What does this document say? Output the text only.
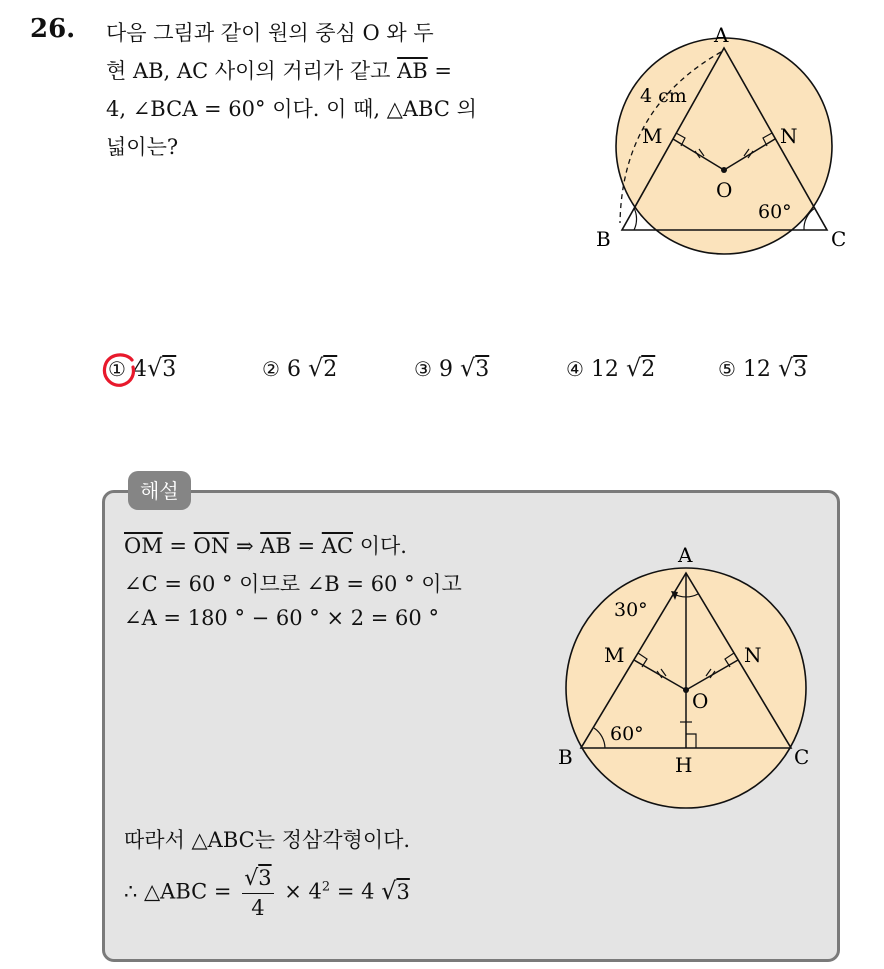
26. 다음 그림과 같이 원의 중심 O 와 두

현 AB, AC 사이의 거리가 같고 $\overline{AB}$ =

4, ∠BCA = 60° 이다. 이 때, △ABC 의

넓이는?

A
B	C
M	N
O
4 cm
60°
① 4√3	② 6 √2	③ 9 √3	④ 12 √2	⑤ 12 √3
해설
$\overline{OM} = \overline{ON}$ ⇒ $\overline{AB} = \overline{AC}$ 이다.
∠C = 60 ° 이므로 ∠B = 60 ° 이고
∠A = 180 ° − 60 ° × 2 = 60 °
따라서 △ABC는 정삼각형이다.
∴ △ABC = $\frac{√3}{4} \times 4^2 = 4$ √3
A
B	C
M	N
O
H
30°
60°
